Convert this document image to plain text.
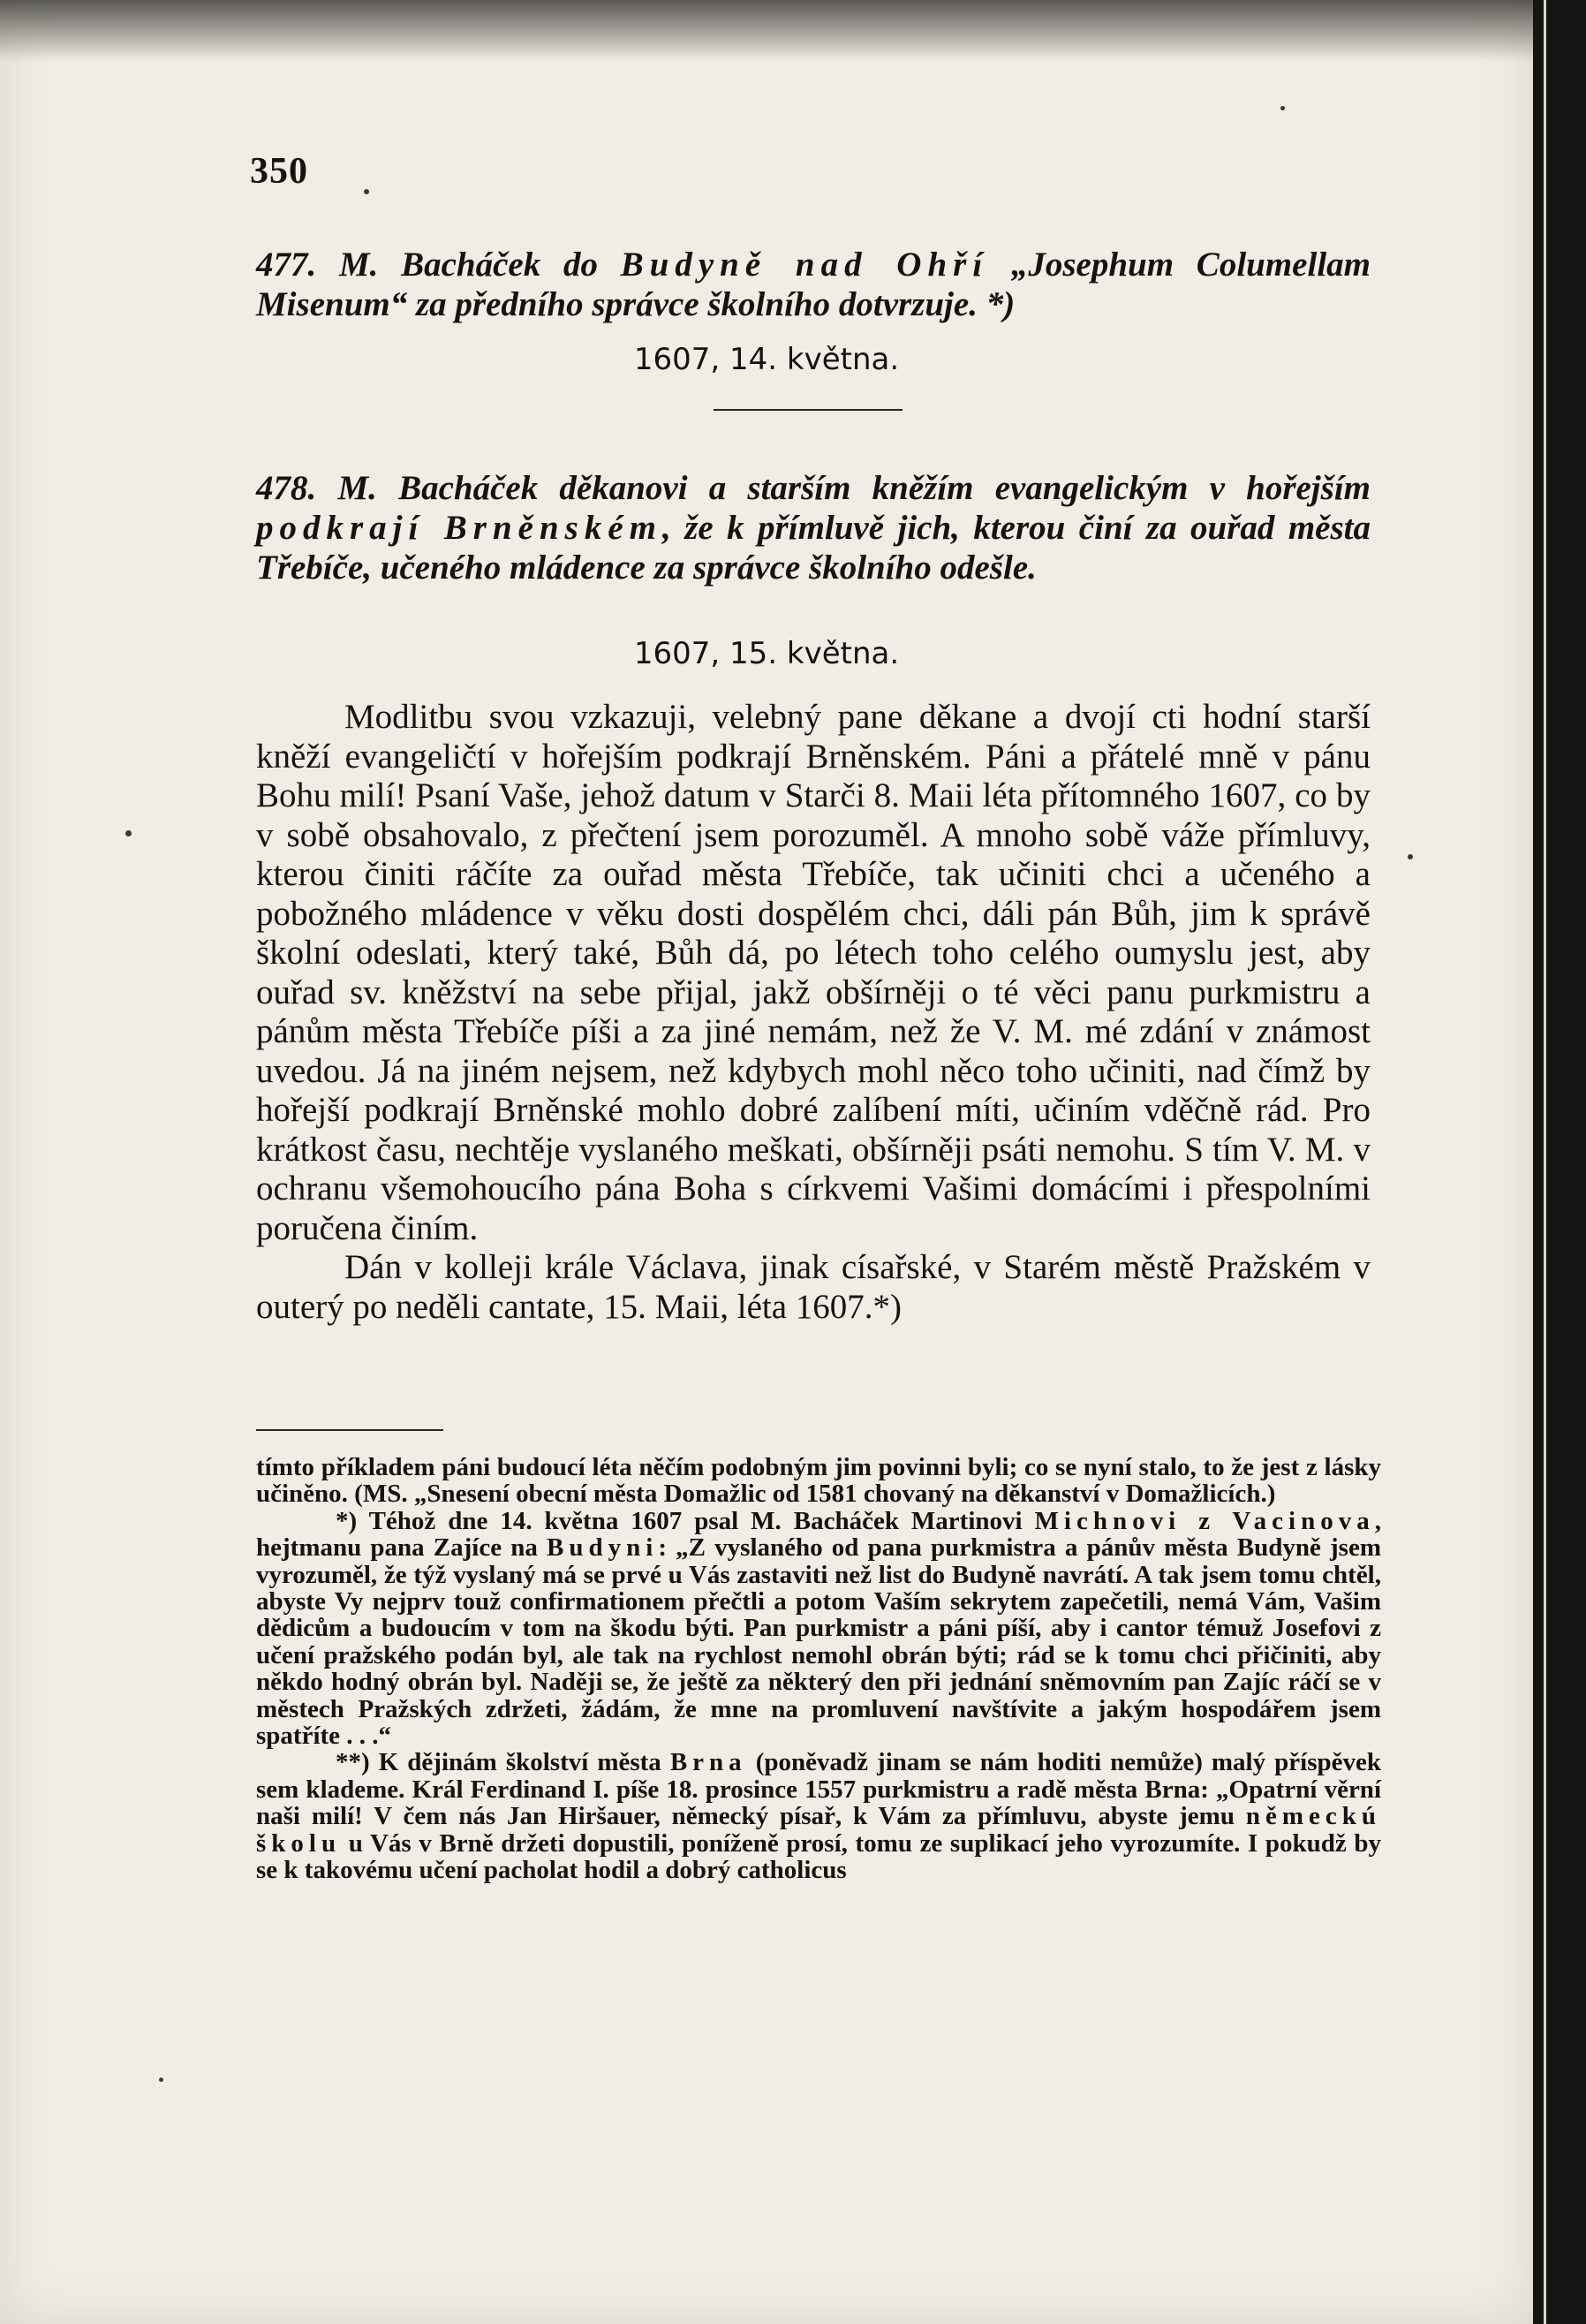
350
477. M. Bacháček do Budyně nad Ohří „Josephum Columellam Misenum“ za předního správce školního dotvrzuje. *)
1607, 14. května.
478. M. Bacháček děkanovi a starším kněžím evangelickým v hořejším podkrají Brněnském, že k přímluvě jich, kterou činí za ouřad města Třebíče, učeného mládence za správce školního odešle.
1607, 15. května.

Modlitbu svou vzkazuji, velebný pane děkane a dvojí cti hodní starší kněží evangeličtí v hořejším podkrají Brněnském. Páni a přátelé mně v pánu Bohu milí! Psaní Vaše, jehož datum v Starči 8. Maii léta přítomného 1607, co by v sobě obsahovalo, z přečtení jsem porozuměl. A mnoho sobě váže přímluvy, kterou činiti ráčíte za ouřad města Třebíče, tak učiniti chci a učeného a pobožného mládence v věku dosti dospělém chci, dáli pán Bůh, jim k správě školní odeslati, který také, Bůh dá, po létech toho celého oumyslu jest, aby ouřad sv. kněžství na sebe přijal, jakž obšírněji o té věci panu purkmistru a pánům města Třebíče píši a za jiné nemám, než že V. M. mé zdání v známost uvedou. Já na jiném nejsem, než kdybych mohl něco toho učiniti, nad čímž by hořejší podkrají Brněnské mohlo dobré zalíbení míti, učiním vděčně rád. Pro krátkost času, nechtěje vyslaného meškati, obšírněji psáti nemohu. S tím V. M. v ochranu všemohoucího pána Boha s církvemi Vašimi domácími i přespolními poručena činím.

Dán v kolleji krále Václava, jinak císařské, v Starém městě Pražském v outerý po neděli cantate, 15. Maii, léta 1607.*)

tímto příkladem páni budoucí léta něčím podobným jim povinni byli; co se nyní stalo, to že jest z lásky učiněno. (MS. „Snesení obecní města Domažlic od 1581 chovaný na děkanství v Domažlicích.)

*) Téhož dne 14. května 1607 psal M. Bacháček Martinovi Michnovi z Vacinova, hejtmanu pana Zajíce na Budyni: „Z vyslaného od pana purkmistra a pánův města Budyně jsem vyrozuměl, že týž vyslaný má se prvé u Vás zastaviti než list do Budyně navrátí. A tak jsem tomu chtěl, abyste Vy nejprv touž confirmationem přečtli a potom Vaším sekrytem zapečetili, nemá Vám, Vašim dědicům a budoucím v tom na škodu býti. Pan purkmistr a páni píší, aby i cantor témuž Josefovi z učení pražského podán byl, ale tak na rychlost nemohl obrán býti; rád se k tomu chci přičiniti, aby někdo hodný obrán byl. Naději se, že ještě za některý den při jednání sněmovním pan Zajíc ráčí se v městech Pražských zdržeti, žádám, že mne na promluvení navštívite a jakým hospodářem jsem spatříte . . .“

**) K dějinám školství města Brna (poněvadž jinam se nám hoditi nemůže) malý příspěvek sem klademe. Král Ferdinand I. píše 18. prosince 1557 purkmistru a radě města Brna: „Opatrní věrní naši milí! V čem nás Jan Hiršauer, německý písař, k Vám za přímluvu, abyste jemu německú školu u Vás v Brně držeti dopustili, poníženě prosí, tomu ze suplikací jeho vyrozumíte. I pokudž by se k takovému učení pacholat hodil a dobrý catholicus
